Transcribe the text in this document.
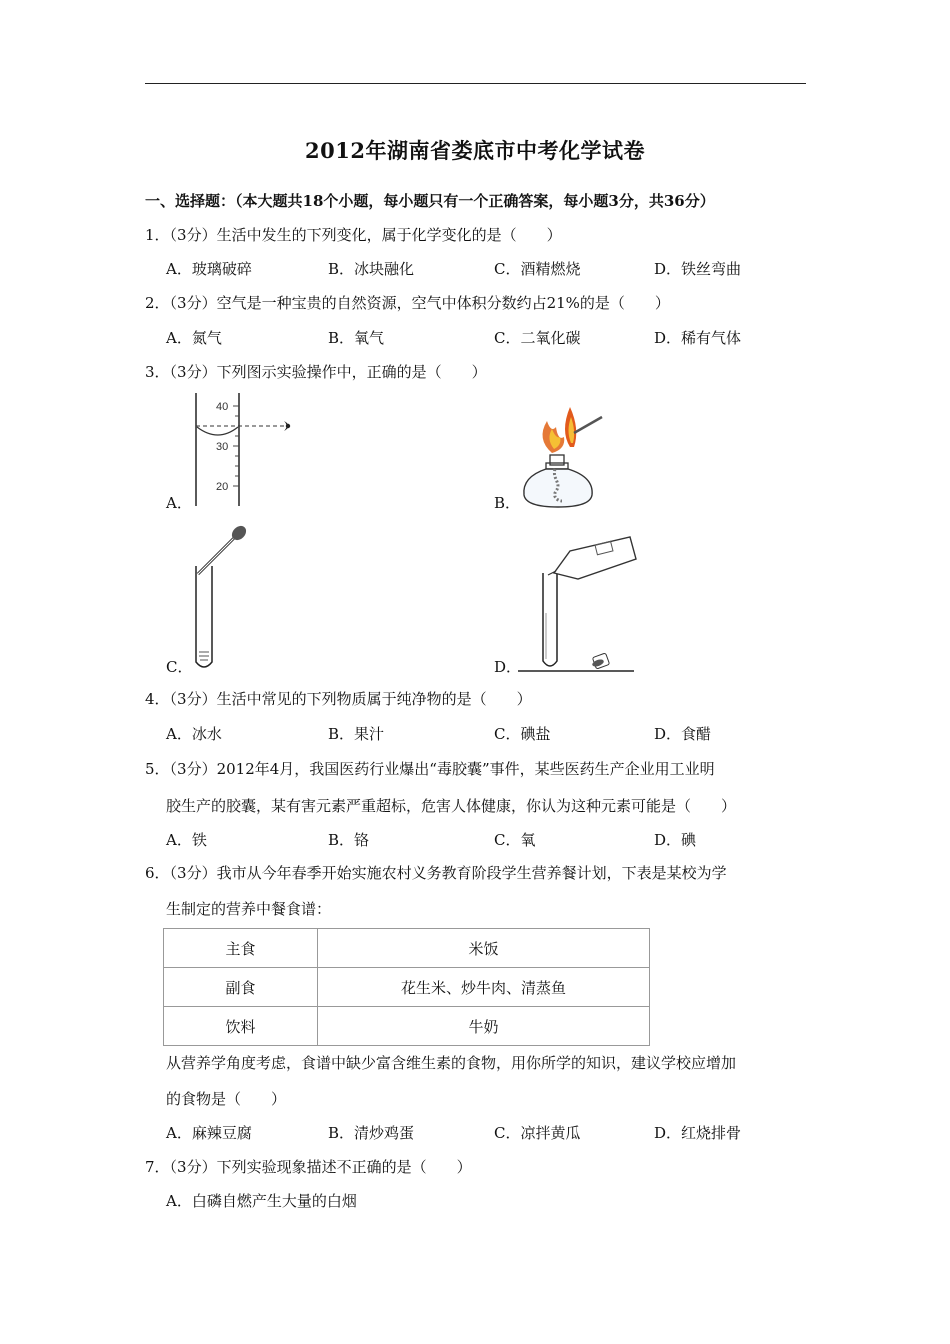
2012年湖南省娄底市中考化学试卷
一、选择题：（本大题共18个小题，每小题只有一个正确答案，每小题3分，共36分）
1．（3分）生活中发生的下列变化，属于化学变化的是（　　）
A．玻璃破碎	B．冰块融化	C．酒精燃烧	D．铁丝弯曲
2．（3分）空气是一种宝贵的自然资源，空气中体积分数约占21%的是（　　）
A．氮气	B．氧气	C．二氧化碳	D．稀有气体
3．（3分）下列图示实验操作中，正确的是（　　）
A．
40
30
20
B．
C．	D．
4．（3分）生活中常见的下列物质属于纯净物的是（　　）
A．冰水	B．果汁	C．碘盐	D．食醋
5．（3分）2012年4月，我国医药行业爆出“毒胶囊”事件，某些医药生产企业用工业明
胶生产的胶囊，某有害元素严重超标，危害人体健康，你认为这种元素可能是（　　）
A．铁	B．铬	C．氧	D．碘
6．（3分）我市从今年春季开始实施农村义务教育阶段学生营养餐计划，下表是某校为学
生制定的营养中餐食谱：
主食	米饭
副食	花生米、炒牛肉、清蒸鱼
饮料	牛奶
从营养学角度考虑，食谱中缺少富含维生素的食物，用你所学的知识，建议学校应增加
的食物是（　　）
A．麻辣豆腐	B．清炒鸡蛋	C．凉拌黄瓜	D．红烧排骨
7．（3分）下列实验现象描述不正确的是（　　）
A．白磷自燃产生大量的白烟
